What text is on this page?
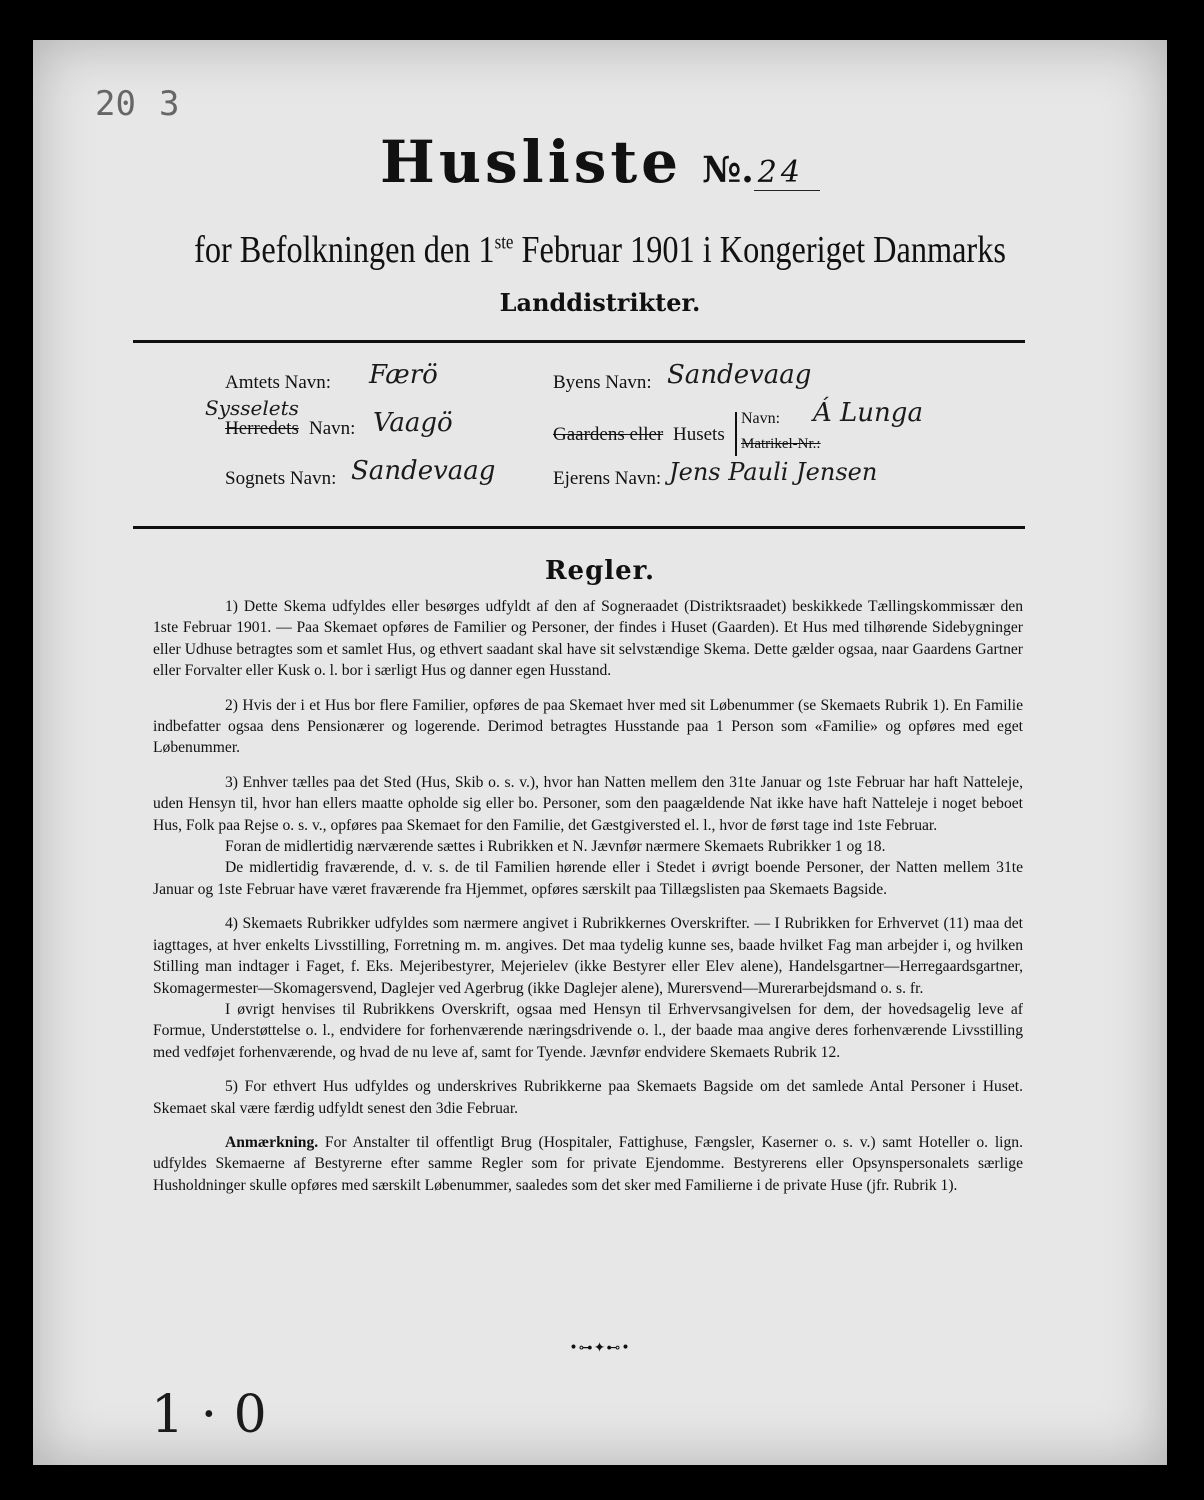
20 3
Husliste №. 24
for Befolkningen den 1ste Februar 1901 i Kongeriget Danmarks
Landdistrikter.
Amtets Navn: Færö
Sysselets
Herredets Navn: Vaagö
Sognets Navn: Sandevaag
Byens Navn: Sandevaag
Gaardens eller Husets
Navn: Á Lunga
Matrikel-Nr.:
Ejerens Navn: Jens Pauli Jensen
Regler.

1) Dette Skema udfyldes eller besørges udfyldt af den af Sogneraadet (Distriktsraadet) beskikkede Tællingskommissær den 1ste Februar 1901. — Paa Skemaet opføres de Familier og Personer, der findes i Huset (Gaarden). Et Hus med tilhørende Sidebygninger eller Udhuse betragtes som et samlet Hus, og ethvert saadant skal have sit selvstændige Skema. Dette gælder ogsaa, naar Gaardens Gartner eller Forvalter eller Kusk o. l. bor i særligt Hus og danner egen Husstand.

2) Hvis der i et Hus bor flere Familier, opføres de paa Skemaet hver med sit Løbenummer (se Skemaets Rubrik 1). En Familie indbefatter ogsaa dens Pensionærer og logerende. Derimod betragtes Husstande paa 1 Person som «Familie» og opføres med eget Løbenummer.

3) Enhver tælles paa det Sted (Hus, Skib o. s. v.), hvor han Natten mellem den 31te Januar og 1ste Februar har haft Natteleje, uden Hensyn til, hvor han ellers maatte opholde sig eller bo. Personer, som den paagældende Nat ikke have haft Natteleje i noget beboet Hus, Folk paa Rejse o. s. v., opføres paa Skemaet for den Familie, det Gæstgiversted el. l., hvor de først tage ind 1ste Februar.

Foran de midlertidig nærværende sættes i Rubrikken et N. Jævnfør nærmere Skemaets Rubrikker 1 og 18.

De midlertidig fraværende, d. v. s. de til Familien hørende eller i Stedet i øvrigt boende Personer, der Natten mellem 31te Januar og 1ste Februar have været fraværende fra Hjemmet, opføres særskilt paa Tillægslisten paa Skemaets Bagside.

4) Skemaets Rubrikker udfyldes som nærmere angivet i Rubrikkernes Overskrifter. — I Rubrikken for Erhvervet (11) maa det iagttages, at hver enkelts Livsstilling, Forretning m. m. angives. Det maa tydelig kunne ses, baade hvilket Fag man arbejder i, og hvilken Stilling man indtager i Faget, f. Eks. Mejeribestyrer, Mejerielev (ikke Bestyrer eller Elev alene), Handelsgartner—Herregaardsgartner, Skomagermester—Skomagersvend, Daglejer ved Agerbrug (ikke Daglejer alene), Murersvend—Murerarbejdsmand o. s. fr.

I øvrigt henvises til Rubrikkens Overskrift, ogsaa med Hensyn til Erhvervsangivelsen for dem, der hovedsagelig leve af Formue, Understøttelse o. l., endvidere for forhenværende næringsdrivende o. l., der baade maa angive deres forhenværende Livsstilling med vedføjet forhenværende, og hvad de nu leve af, samt for Tyende. Jævnfør endvidere Skemaets Rubrik 12.

5) For ethvert Hus udfyldes og underskrives Rubrikkerne paa Skemaets Bagside om det samlede Antal Personer i Huset. Skemaet skal være færdig udfyldt senest den 3die Februar.

Anmærkning. For Anstalter til offentligt Brug (Hospitaler, Fattighuse, Fængsler, Kaserner o. s. v.) samt Hoteller o. lign. udfyldes Skemaerne af Bestyrerne efter samme Regler som for private Ejendomme. Bestyrerens eller Opsynspersonalets særlige Husholdninger skulle opføres med særskilt Løbenummer, saaledes som det sker med Familierne i de private Huse (jfr. Rubrik 1).

•⊶✦⊷•
1 · 0
